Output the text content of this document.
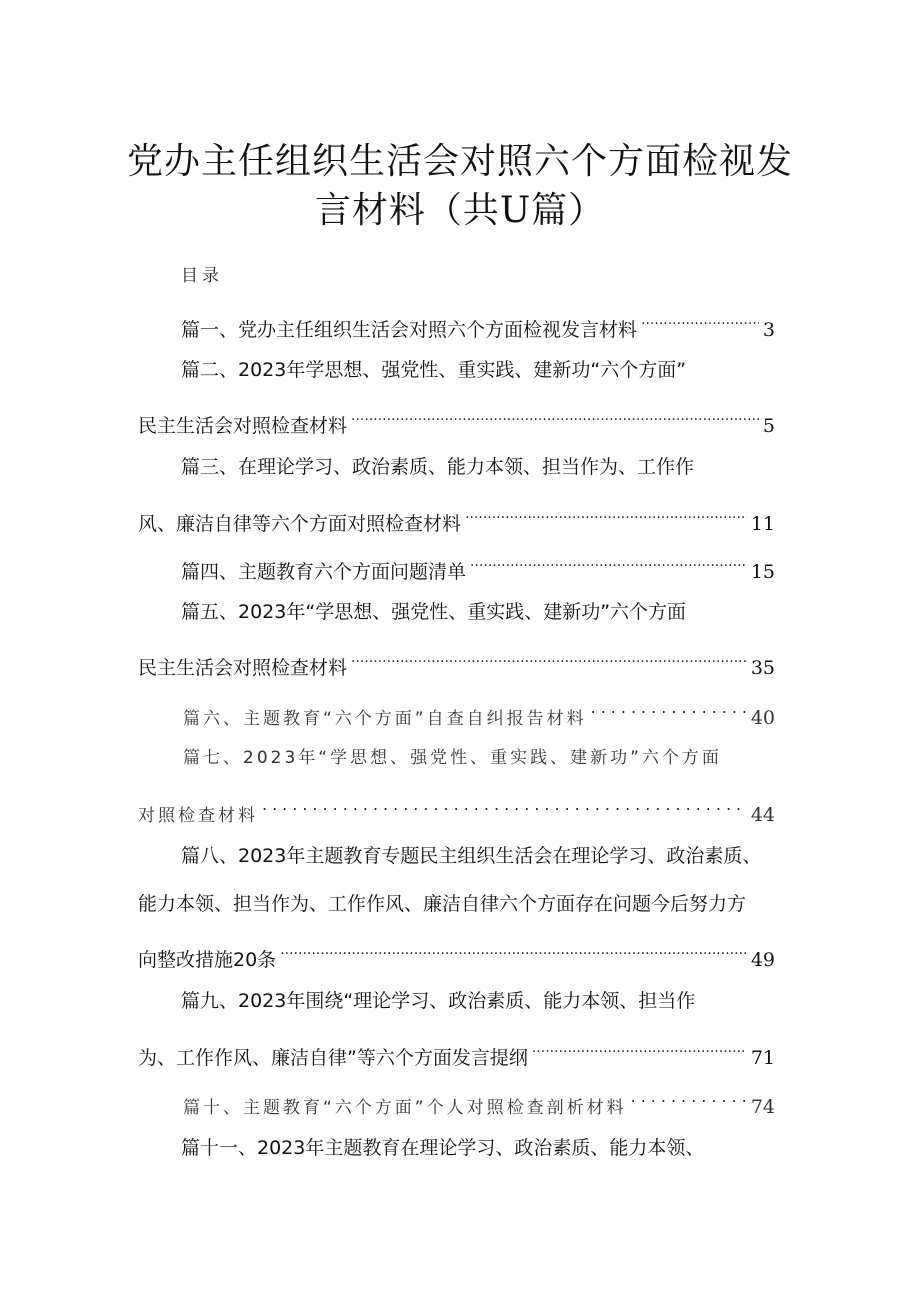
党办主任组织生活会对照六个方面检视发
言材料（共U篇）
目录
篇一、党办主任组织生活会对照六个方面检视发言材料 .....	3
篇二、2023年学思想、强党性、重实践、建新功“六个方面”
民主生活会对照检查材料 .....	5
篇三、在理论学习、政治素质、能力本领、担当作为、工作作
风、廉洁自律等六个方面对照检查材料 .....	11
篇四、主题教育六个方面问题清单 .....	15
篇五、2023年“学思想、强党性、重实践、建新功”六个方面
民主生活会对照检查材料 .....	35
篇六、主题教育“六个方面”自查自纠报告材料 .....	40
篇七、2023年“学思想、强党性、重实践、建新功”六个方面
对照检查材料 .....	44
篇八、2023年主题教育专题民主组织生活会在理论学习、政治素质、
能力本领、担当作为、工作作风、廉洁自律六个方面存在问题今后努力方
向整改措施20条 .....	49
篇九、2023年围绕“理论学习、政治素质、能力本领、担当作
为、工作作风、廉洁自律”等六个方面发言提纲 .....	71
篇十、主题教育“六个方面”个人对照检查剖析材料 .....	74
篇十一、2023年主题教育在理论学习、政治素质、能力本领、
